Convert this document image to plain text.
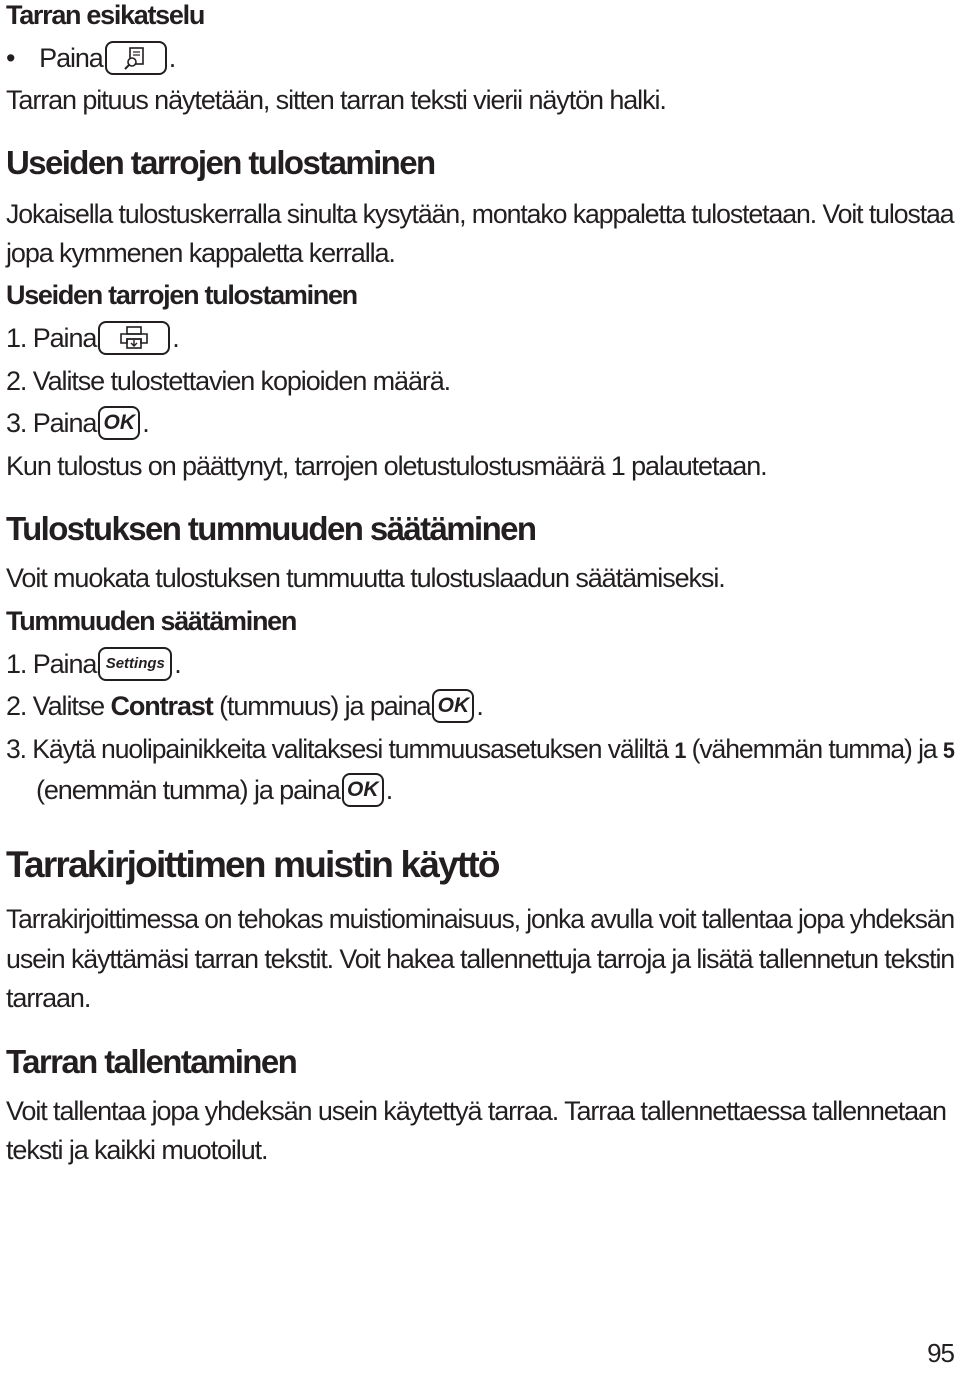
Tarran esikatselu
• Paina .
Tarran pituus näytetään, sitten tarran teksti vierii näytön halki.
Useiden tarrojen tulostaminen
Jokaisella tulostuskerralla sinulta kysytään, montako kappaletta tulostetaan. Voit tulostaa
jopa kymmenen kappaletta kerralla.
Useiden tarrojen tulostaminen
1. Paina	.
2. Valitse tulostettavien kopioiden määrä.
3. Paina OK .
Kun tulostus on päättynyt, tarrojen oletustulostusmäärä 1 palautetaan.
Tulostuksen tummuuden säätäminen
Voit muokata tulostuksen tummuutta tulostuslaadun säätämiseksi.
Tummuuden säätäminen
1. Paina Settings .
2. Valitse Contrast (tummuus) ja paina OK .
3. Käytä nuolipainikkeita valitaksesi tummuusasetuksen väliltä 1 (vähemmän tumma) ja 5
(enemmän tumma) ja paina OK .
Tarrakirjoittimen muistin käyttö
Tarrakirjoittimessa on tehokas muistiominaisuus, jonka avulla voit tallentaa jopa yhdeksän
usein käyttämäsi tarran tekstit. Voit hakea tallennettuja tarroja ja lisätä tallennetun tekstin
tarraan.
Tarran tallentaminen
Voit tallentaa jopa yhdeksän usein käytettyä tarraa. Tarraa tallennettaessa tallennetaan
teksti ja kaikki muotoilut.
95
